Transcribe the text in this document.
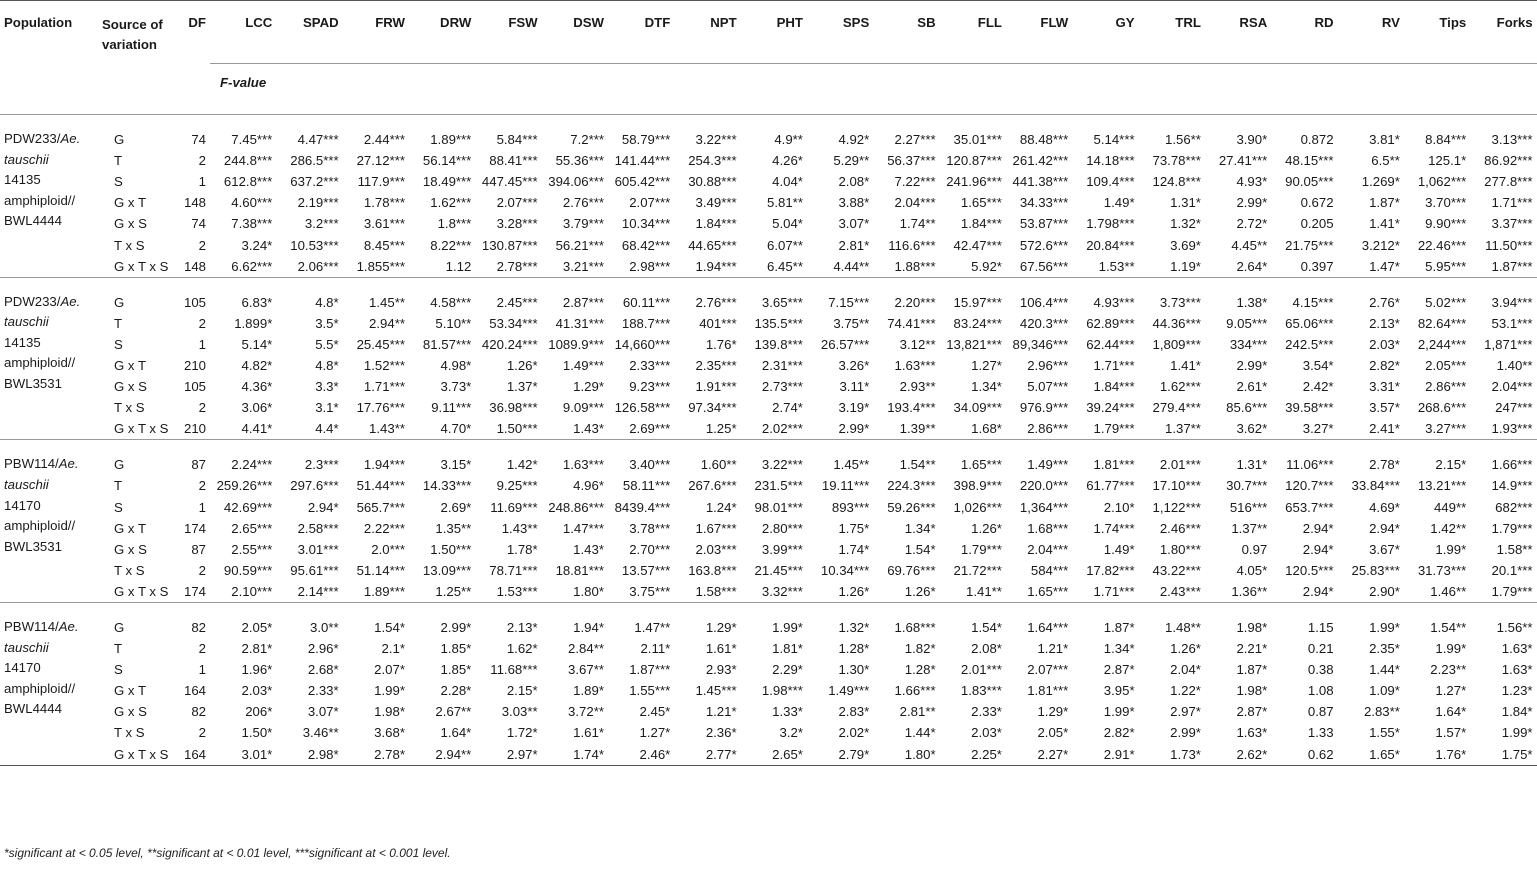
Population	Source of variation	DF	LCC	SPAD	FRW	DRW	FSW	DSW	DTF	NPT	PHT	SPS	SB	FLL	FLW	GY	TRL	RSA	RD	RV	Tips	Forks
			F-value																			

PDW233/Ae.
tauschii
14135
amphiploid//
BWL4444	G	74	7.45***	4.47***	2.44***	1.89***	5.84***	7.2***	58.79***	3.22***	4.9**	4.92*	2.27***	35.01***	88.48***	5.14***	1.56**	3.90*	0.872	3.81*	8.84***	3.13***
	T	2	244.8***	286.5***	27.12***	56.14***	88.41***	55.36***	141.44***	254.3***	4.26*	5.29**	56.37***	120.87***	261.42***	14.18***	73.78***	27.41***	48.15***	6.5**	125.1*	86.92***
	S	1	612.8***	637.2***	117.9***	18.49***	447.45***	394.06***	605.42***	30.88***	4.04*	2.08*	7.22***	241.96***	441.38***	109.4***	124.8***	4.93*	90.05***	1.269*	1,062***	277.8***
	G x T	148	4.60***	2.19***	1.78***	1.62***	2.07***	2.76***	2.07***	3.49***	5.81**	3.88*	2.04***	1.65***	34.33***	1.49*	1.31*	2.99*	0.672	1.87*	3.70***	1.71***
	G x S	74	7.38***	3.2***	3.61***	1.8***	3.28***	3.79***	10.34***	1.84***	5.04*	3.07*	1.74**	1.84***	53.87***	1.798***	1.32*	2.72*	0.205	1.41*	9.90***	3.37***
	T x S	2	3.24*	10.53***	8.45***	8.22***	130.87***	56.21***	68.42***	44.65***	6.07**	2.81*	116.6***	42.47***	572.6***	20.84***	3.69*	4.45**	21.75***	3.212*	22.46***	11.50***
	G x T x S	148	6.62***	2.06***	1.855***	1.12	2.78***	3.21***	2.98***	1.94***	6.45**	4.44**	1.88***	5.92*	67.56***	1.53**	1.19*	2.64*	0.397	1.47*	5.95***	1.87***

PDW233/Ae.
tauschii
14135
amphiploid//
BWL3531	G	105	6.83*	4.8*	1.45**	4.58***	2.45***	2.87***	60.11***	2.76***	3.65***	7.15***	2.20***	15.97***	106.4***	4.93***	3.73***	1.38*	4.15***	2.76*	5.02***	3.94***
	T	2	1.899*	3.5*	2.94**	5.10**	53.34***	41.31***	188.7***	401***	135.5***	3.75**	74.41***	83.24***	420.3***	62.89***	44.36***	9.05***	65.06***	2.13*	82.64***	53.1***
	S	1	5.14*	5.5*	25.45***	81.57***	420.24***	1089.9***	14,660***	1.76*	139.8***	26.57***	3.12**	13,821***	89,346***	62.44***	1,809***	334***	242.5***	2.03*	2,244***	1,871***
	G x T	210	4.82*	4.8*	1.52***	4.98*	1.26*	1.49***	2.33***	2.35***	2.31***	3.26*	1.63***	1.27*	2.96***	1.71***	1.41*	2.99*	3.54*	2.82*	2.05***	1.40**
	G x S	105	4.36*	3.3*	1.71***	3.73*	1.37*	1.29*	9.23***	1.91***	2.73***	3.11*	2.93**	1.34*	5.07***	1.84***	1.62***	2.61*	2.42*	3.31*	2.86***	2.04***
	T x S	2	3.06*	3.1*	17.76***	9.11***	36.98***	9.09***	126.58***	97.34***	2.74*	3.19*	193.4***	34.09***	976.9***	39.24***	279.4***	85.6***	39.58***	3.57*	268.6***	247***
	G x T x S	210	4.41*	4.4*	1.43**	4.70*	1.50***	1.43*	2.69***	1.25*	2.02***	2.99*	1.39**	1.68*	2.86***	1.79***	1.37**	3.62*	3.27*	2.41*	3.27***	1.93***

PBW114/Ae.
tauschii
14170
amphiploid//
BWL3531	G	87	2.24***	2.3***	1.94***	3.15*	1.42*	1.63***	3.40***	1.60**	3.22***	1.45**	1.54**	1.65***	1.49***	1.81***	2.01***	1.31*	11.06***	2.78*	2.15*	1.66***
	T	2	259.26***	297.6***	51.44***	14.33***	9.25***	4.96*	58.11***	267.6***	231.5***	19.11***	224.3***	398.9***	220.0***	61.77***	17.10***	30.7***	120.7***	33.84***	13.21***	14.9***
	S	1	42.69***	2.94*	565.7***	2.69*	11.69***	248.86***	8439.4***	1.24*	98.01***	893***	59.26***	1,026***	1,364***	2.10*	1,122***	516***	653.7***	4.69*	449**	682***
	G x T	174	2.65***	2.58***	2.22***	1.35**	1.43**	1.47***	3.78***	1.67***	2.80***	1.75*	1.34*	1.26*	1.68***	1.74***	2.46***	1.37**	2.94*	2.94*	1.42**	1.79***
	G x S	87	2.55***	3.01***	2.0***	1.50***	1.78*	1.43*	2.70***	2.03***	3.99***	1.74*	1.54*	1.79***	2.04***	1.49*	1.80***	0.97	2.94*	3.67*	1.99*	1.58**
	T x S	2	90.59***	95.61***	51.14***	13.09***	78.71***	18.81***	13.57***	163.8***	21.45***	10.34***	69.76***	21.72***	584***	17.82***	43.22***	4.05*	120.5***	25.83***	31.73***	20.1***
	G x T x S	174	2.10***	2.14***	1.89***	1.25**	1.53***	1.80*	3.75***	1.58***	3.32***	1.26*	1.26*	1.41**	1.65***	1.71***	2.43***	1.36**	2.94*	2.90*	1.46**	1.79***

PBW114/Ae.
tauschii
14170
amphiploid//
BWL4444	G	82	2.05*	3.0**	1.54*	2.99*	2.13*	1.94*	1.47**	1.29*	1.99*	1.32*	1.68***	1.54*	1.64***	1.87*	1.48**	1.98*	1.15	1.99*	1.54**	1.56**
	T	2	2.81*	2.96*	2.1*	1.85*	1.62*	2.84**	2.11*	1.61*	1.81*	1.28*	1.82*	2.08*	1.21*	1.34*	1.26*	2.21*	0.21	2.35*	1.99*	1.63*
	S	1	1.96*	2.68*	2.07*	1.85*	11.68***	3.67**	1.87***	2.93*	2.29*	1.30*	1.28*	2.01***	2.07***	2.87*	2.04*	1.87*	0.38	1.44*	2.23**	1.63*
	G x T	164	2.03*	2.33*	1.99*	2.28*	2.15*	1.89*	1.55***	1.45***	1.98***	1.49***	1.66***	1.83***	1.81***	3.95*	1.22*	1.98*	1.08	1.09*	1.27*	1.23*
	G x S	82	206*	3.07*	1.98*	2.67**	3.03**	3.72**	2.45*	1.21*	1.33*	2.83*	2.81**	2.33*	1.29*	1.99*	2.97*	2.87*	0.87	2.83**	1.64*	1.84*
	T x S	2	1.50*	3.46**	3.68*	1.64*	1.72*	1.61*	1.27*	2.36*	3.2*	2.02*	1.44*	2.03*	2.05*	2.82*	2.99*	1.63*	1.33	1.55*	1.57*	1.99*
	G x T x S	164	3.01*	2.98*	2.78*	2.94**	2.97*	1.74*	2.46*	2.77*	2.65*	2.79*	1.80*	2.25*	2.27*	2.91*	1.73*	2.62*	0.62	1.65*	1.76*	1.75*

*significant at < 0.05 level, **significant at < 0.01 level, ***significant at < 0.001 level.
